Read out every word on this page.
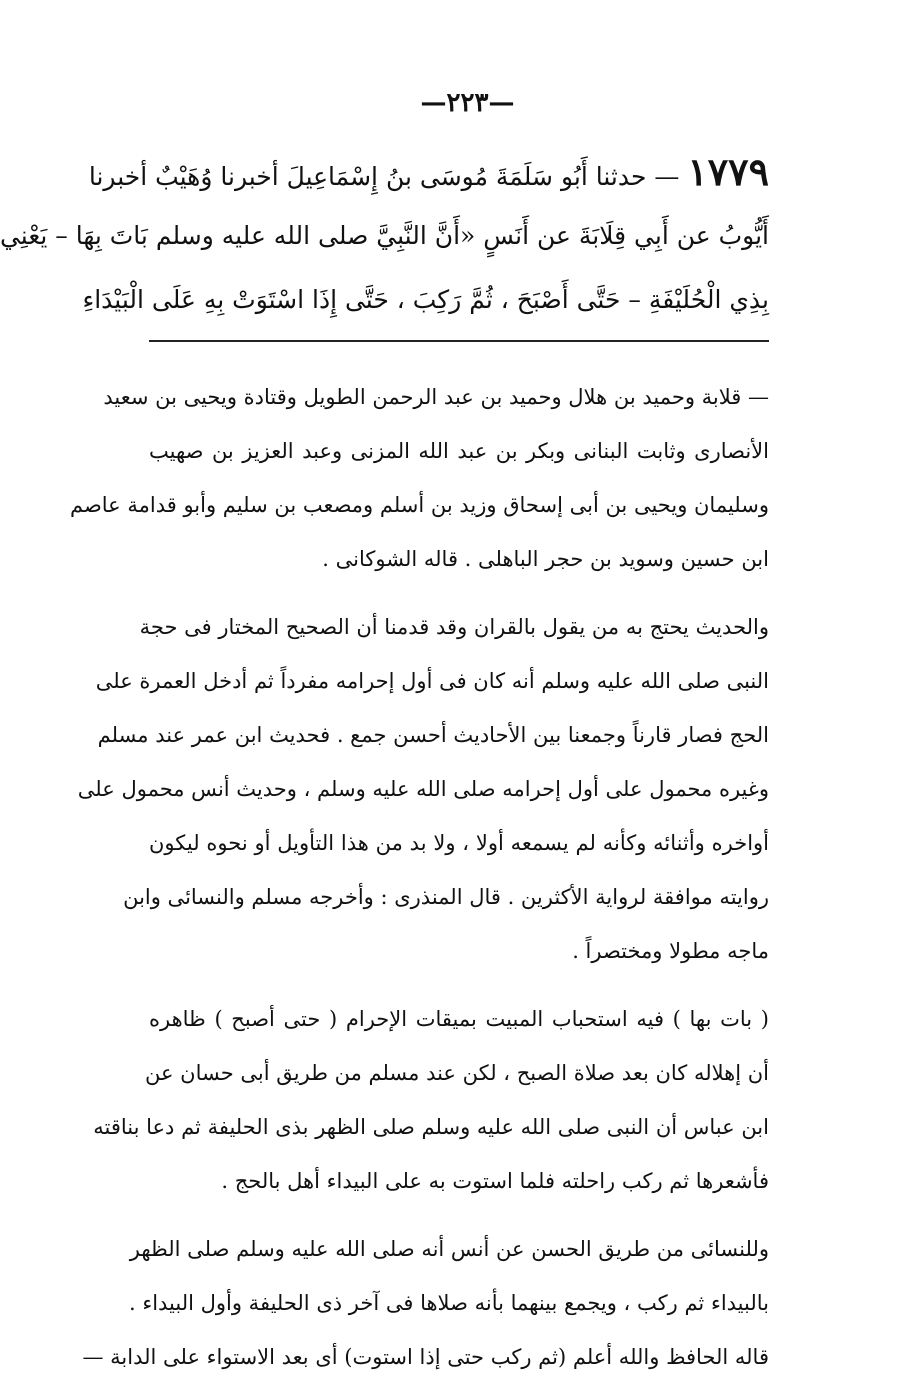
—٢٢٣—
١٧٧٩— حدثنا أَبُو سَلَمَةَ مُوسَى بنُ إِسْمَاعِيلَ أخبرنا وُهَيْبٌ أخبرنا
أَيُّوبُ عن أَبِي قِلَابَةَ عن أَنَسٍ «أَنَّ النَّبِيَّ صلى الله عليه وسلم بَاتَ بِهَا – يَعْنِي
بِذِي الْحُلَيْفَةِ – حَتَّى أَصْبَحَ ، ثُمَّ رَكِبَ ، حَتَّى إِذَا اسْتَوَتْ بِهِ عَلَى الْبَيْدَاءِ
— قلابة وحميد بن هلال وحميد بن عبد الرحمن الطويل وقتادة ويحيى بن سعيد
الأنصارى وثابت البنانى وبكر بن عبد الله المزنى وعبد العزيز بن صهيب
وسليمان ويحيى بن أبى إسحاق وزيد بن أسلم ومصعب بن سليم وأبو قدامة عاصم
ابن حسين وسويد بن حجر الباهلى . قاله الشوكانى .
والحديث يحتج به من يقول بالقران وقد قدمنا أن الصحيح المختار فى حجة
النبى صلى الله عليه وسلم أنه كان فى أول إحرامه مفرداً ثم أدخل العمرة على
الحج فصار قارناً وجمعنا بين الأحاديث أحسن جمع . فحديث ابن عمر عند مسلم
وغيره محمول على أول إحرامه صلى الله عليه وسلم ، وحديث أنس محمول على
أواخره وأثنائه وكأنه لم يسمعه أولا ، ولا بد من هذا التأويل أو نحوه ليكون
روايته موافقة لرواية الأكثرين . قال المنذرى : وأخرجه مسلم والنسائى وابن
ماجه مطولا ومختصراً .
( بات بها ) فيه استحباب المبيت بميقات الإحرام ( حتى أصبح ) ظاهره
أن إهلاله كان بعد صلاة الصبح ، لكن عند مسلم من طريق أبى حسان عن
ابن عباس أن النبى صلى الله عليه وسلم صلى الظهر بذى الحليفة ثم دعا بناقته
فأشعرها ثم ركب راحلته فلما استوت به على البيداء أهل بالحج .
وللنسائى من طريق الحسن عن أنس أنه صلى الله عليه وسلم صلى الظهر
بالبيداء ثم ركب ، ويجمع بينهما بأنه صلاها فى آخر ذى الحليفة وأول البيداء .
قاله الحافظ والله أعلم (ثم ركب حتى إذا استوت) أى بعد الاستواء على الدابة —
